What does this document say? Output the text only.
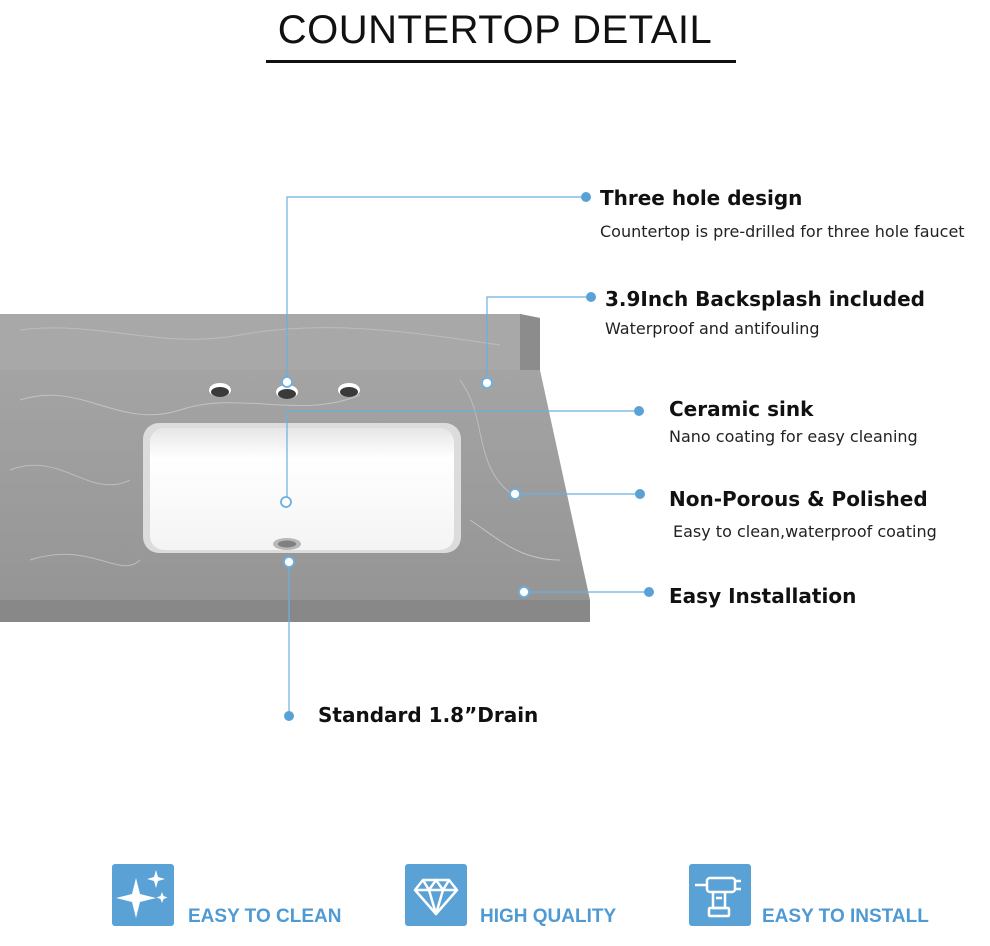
COUNTERTOP DETAIL
Three hole design
Countertop is pre-drilled for three hole faucet
3.9Inch Backsplash included
Waterproof and antifouling
Ceramic sink
Nano coating for easy cleaning
Non-Porous & Polished
Easy to clean,waterproof coating
Easy Installation
Standard 1.8”Drain
EASY TO CLEAN	HIGH QUALITY	EASY TO INSTALL
